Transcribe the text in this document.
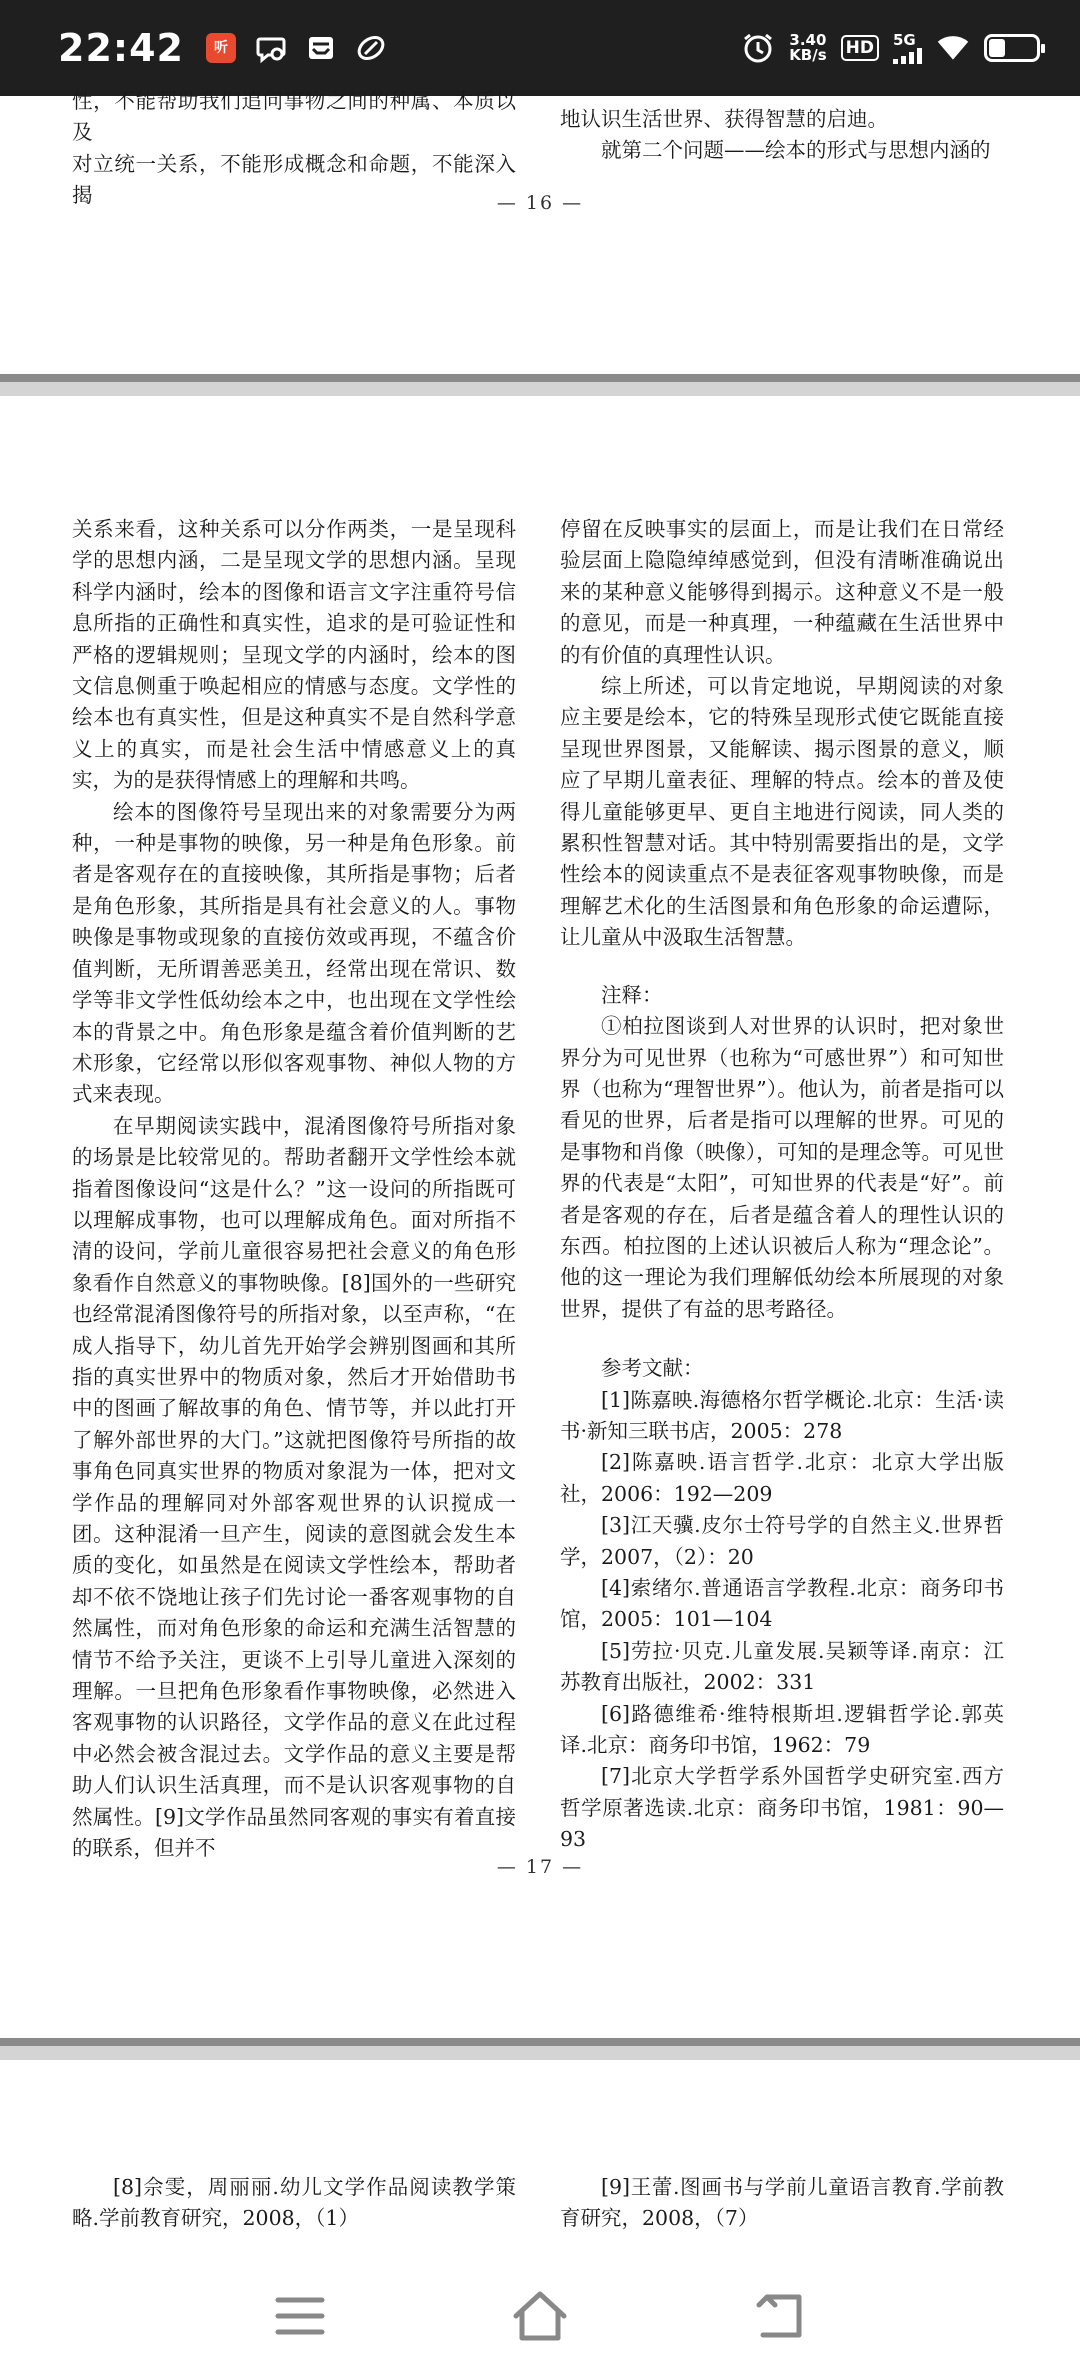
22:42 听	3.40
KB/s HD	5G

性，不能帮助我们追问事物之间的种属、本质以及

对立统一关系，不能形成概念和命题，不能深入揭

地认识生活世界、获得智慧的启迪。

　　就第二个问题——绘本的形式与思想内涵的

— 16 —

关系来看，这种关系可以分作两类，一是呈现科学的思想内涵，二是呈现文学的思想内涵。呈现科学内涵时，绘本的图像和语言文字注重符号信息所指的正确性和真实性，追求的是可验证性和严格的逻辑规则；呈现文学的内涵时，绘本的图文信息侧重于唤起相应的情感与态度。文学性的绘本也有真实性，但是这种真实不是自然科学意义上的真实，而是社会生活中情感意义上的真实，为的是获得情感上的理解和共鸣。

绘本的图像符号呈现出来的对象需要分为两种，一种是事物的映像，另一种是角色形象。前者是客观存在的直接映像，其所指是事物；后者是角色形象，其所指是具有社会意义的人。事物映像是事物或现象的直接仿效或再现，不蕴含价值判断，无所谓善恶美丑，经常出现在常识、数学等非文学性低幼绘本之中，也出现在文学性绘本的背景之中。角色形象是蕴含着价值判断的艺术形象，它经常以形似客观事物、神似人物的方式来表现。

在早期阅读实践中，混淆图像符号所指对象的场景是比较常见的。帮助者翻开文学性绘本就指着图像设问“这是什么？”这一设问的所指既可以理解成事物，也可以理解成角色。面对所指不清的设问，学前儿童很容易把社会意义的角色形象看作自然意义的事物映像。[8]国外的一些研究也经常混淆图像符号的所指对象，以至声称，“在成人指导下，幼儿首先开始学会辨别图画和其所指的真实世界中的物质对象，然后才开始借助书中的图画了解故事的角色、情节等，并以此打开了解外部世界的大门。”这就把图像符号所指的故事角色同真实世界的物质对象混为一体，把对文学作品的理解同对外部客观世界的认识搅成一团。这种混淆一旦产生，阅读的意图就会发生本质的变化，如虽然是在阅读文学性绘本，帮助者却不依不饶地让孩子们先讨论一番客观事物的自然属性，而对角色形象的命运和充满生活智慧的情节不给予关注，更谈不上引导儿童进入深刻的理解。一旦把角色形象看作事物映像，必然进入客观事物的认识路径，文学作品的意义在此过程中必然会被含混过去。文学作品的意义主要是帮助人们认识生活真理，而不是认识客观事物的自然属性。[9]文学作品虽然同客观的事实有着直接的联系，但并不

停留在反映事实的层面上，而是让我们在日常经验层面上隐隐绰绰感觉到，但没有清晰准确说出来的某种意义能够得到揭示。这种意义不是一般的意见，而是一种真理，一种蕴藏在生活世界中的有价值的真理性认识。

综上所述，可以肯定地说，早期阅读的对象应主要是绘本，它的特殊呈现形式使它既能直接呈现世界图景，又能解读、揭示图景的意义，顺应了早期儿童表征、理解的特点。绘本的普及使得儿童能够更早、更自主地进行阅读，同人类的累积性智慧对话。其中特别需要指出的是，文学性绘本的阅读重点不是表征客观事物映像，而是理解艺术化的生活图景和角色形象的命运遭际，让儿童从中汲取生活智慧。

注释：

①柏拉图谈到人对世界的认识时，把对象世界分为可见世界（也称为“可感世界”）和可知世界（也称为“理智世界”）。他认为，前者是指可以看见的世界，后者是指可以理解的世界。可见的是事物和肖像（映像），可知的是理念等。可见世界的代表是“太阳”，可知世界的代表是“好”。前者是客观的存在，后者是蕴含着人的理性认识的东西。柏拉图的上述认识被后人称为“理念论”。他的这一理论为我们理解低幼绘本所展现的对象世界，提供了有益的思考路径。

参考文献：

[1]陈嘉映.海德格尔哲学概论.北京：生活·读书·新知三联书店，2005：278

[2]陈嘉映.语言哲学.北京：北京大学出版社，2006：192—209

[3]江天骥.皮尔士符号学的自然主义.世界哲学，2007，（2）：20

[4]索绪尔.普通语言学教程.北京：商务印书馆，2005：101—104

[5]劳拉·贝克.儿童发展.吴颖等译.南京：江苏教育出版社，2002：331

[6]路德维希·维特根斯坦.逻辑哲学论.郭英译.北京：商务印书馆，1962：79

[7]北京大学哲学系外国哲学史研究室.西方哲学原著选读.北京：商务印书馆，1981：90—93

— 17 —

[8]佘雯，周丽丽.幼儿文学作品阅读教学策略.学前教育研究，2008，（1）

[9]王蕾.图画书与学前儿童语言教育.学前教育研究，2008，（7）
